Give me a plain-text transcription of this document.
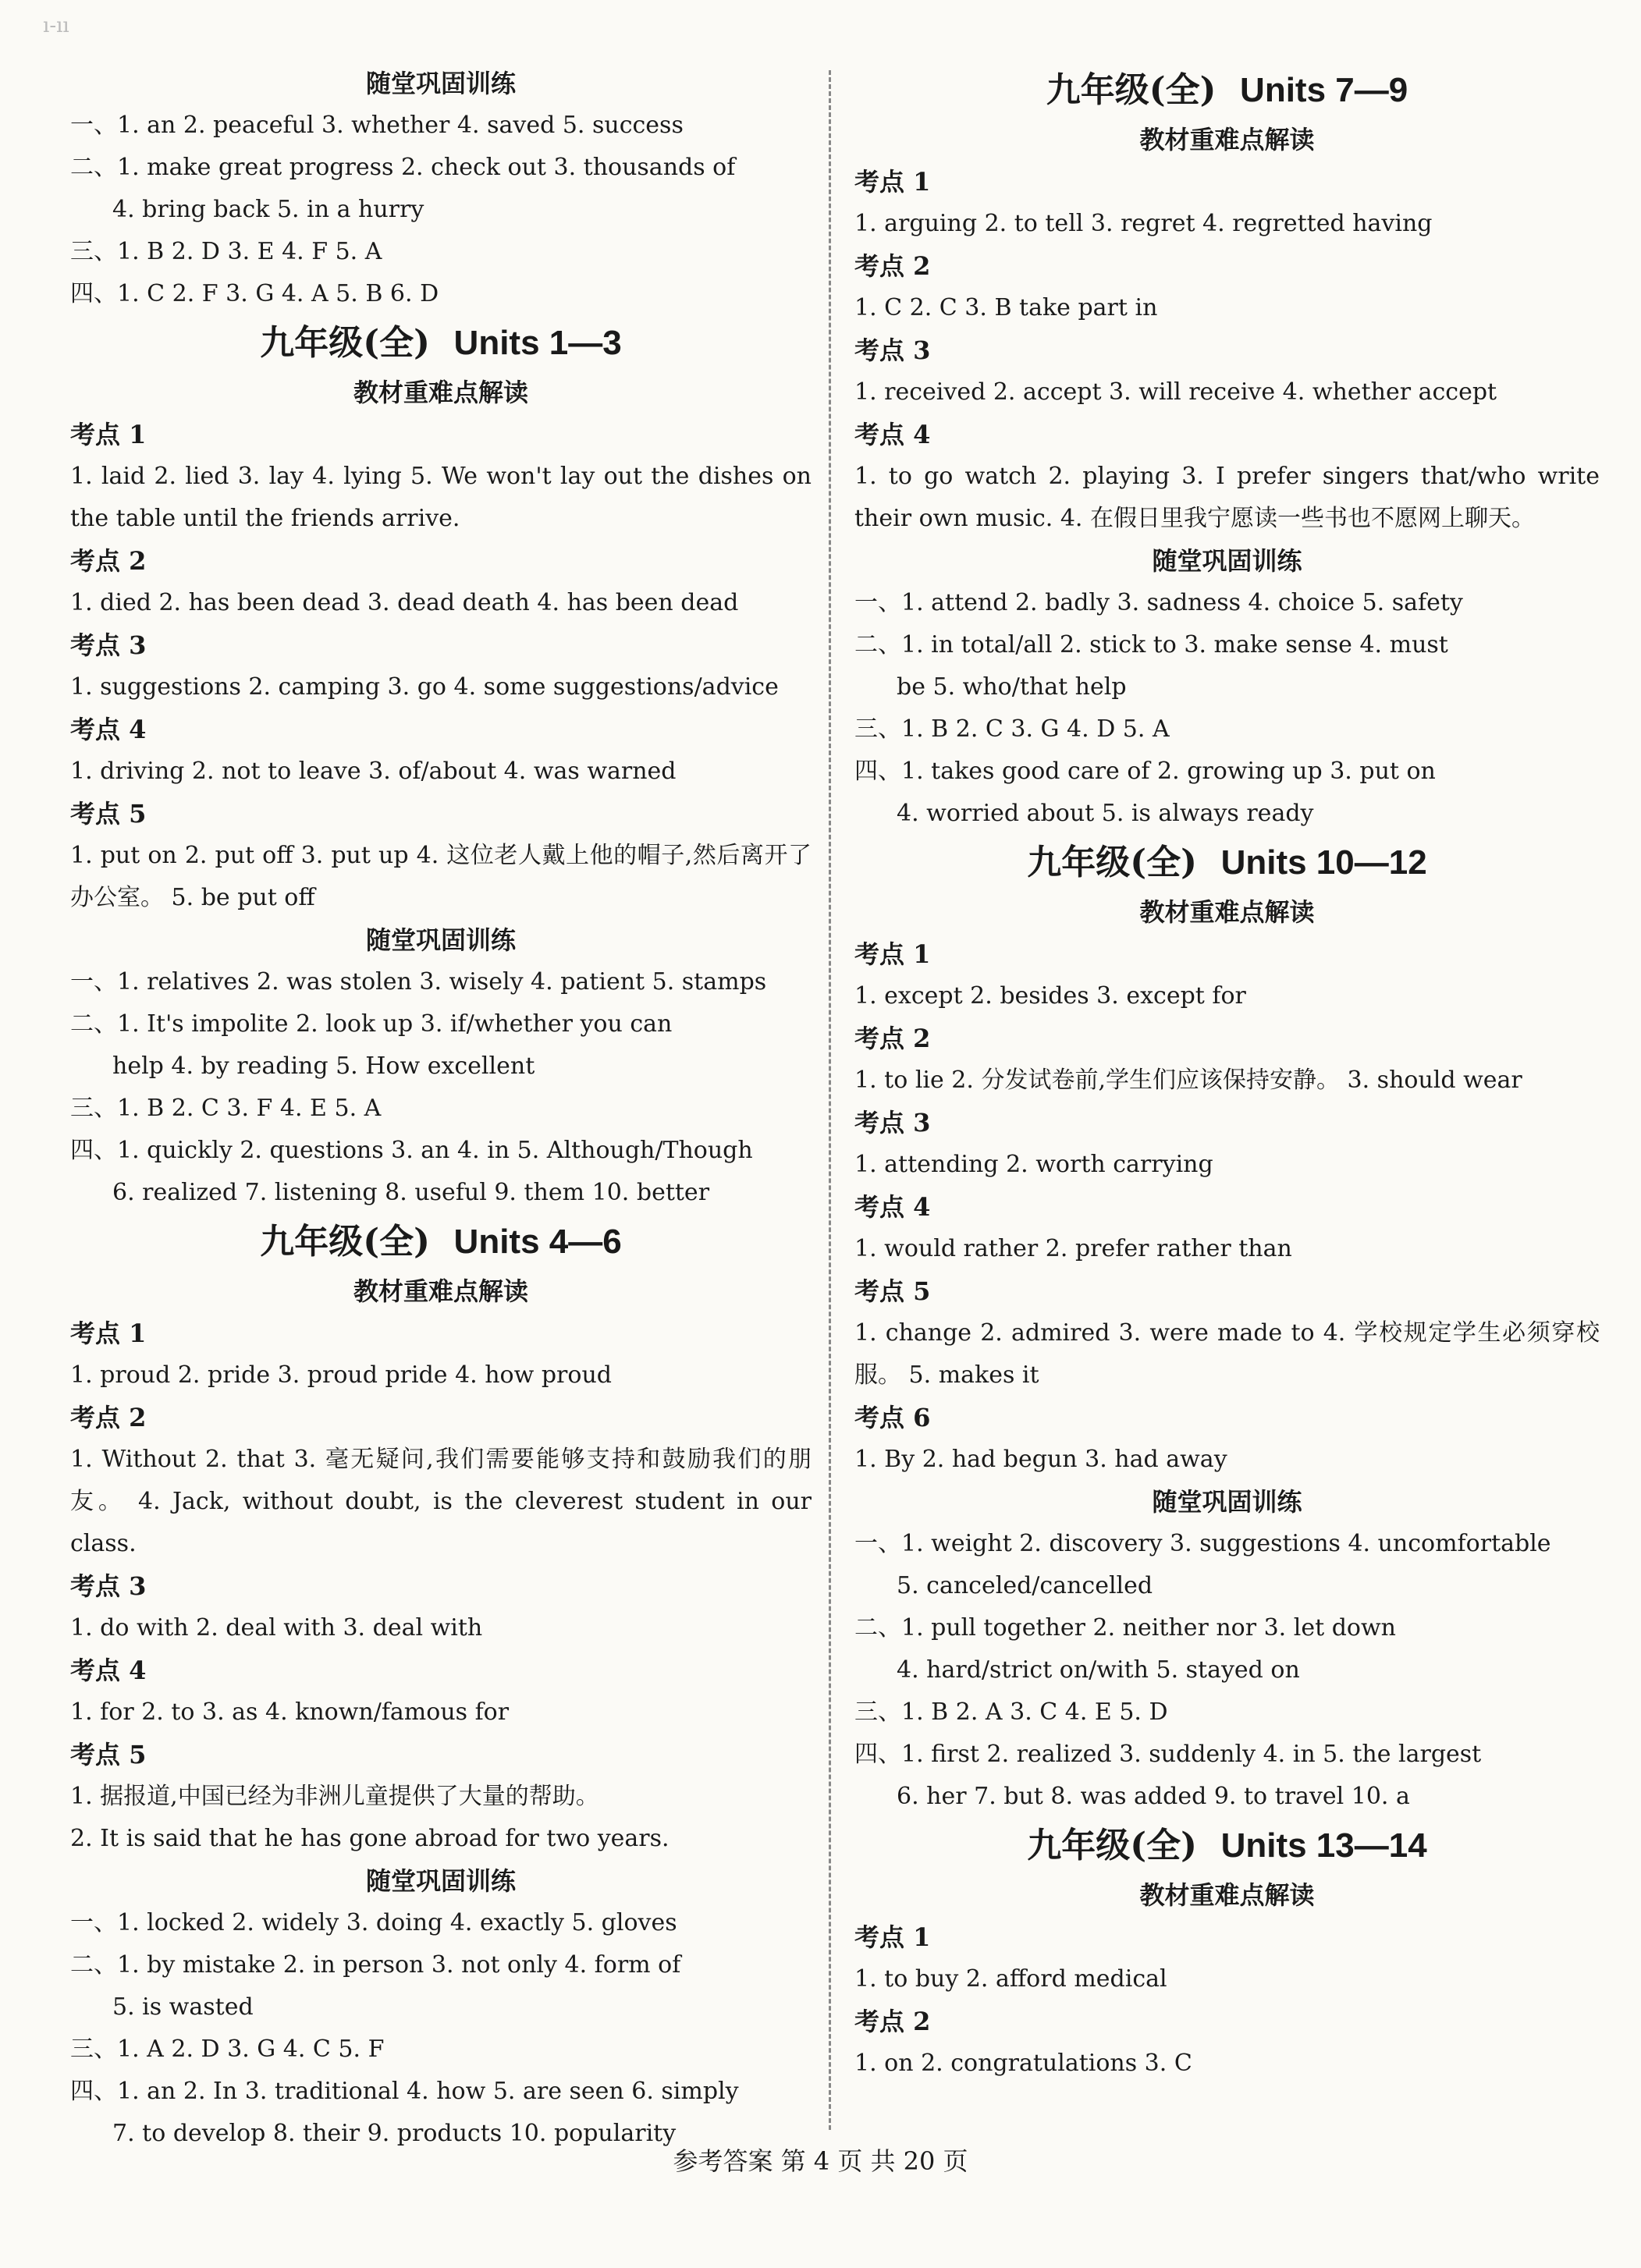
ı-ıı
随堂巩固训练
一、1. an 2. peaceful 3. whether 4. saved 5. success
二、1. make great progress 2. check out 3. thousands of
4. bring back 5. in a hurry
三、1. B 2. D 3. E 4. F 5. A
四、1. C 2. F 3. G 4. A 5. B 6. D
九年级(全) Units 1—3
教材重难点解读
考点 1
1. laid 2. lied 3. lay 4. lying 5. We won't lay out the dishes on the table until the friends arrive.
考点 2
1. died 2. has been dead 3. dead death 4. has been dead
考点 3
1. suggestions 2. camping 3. go 4. some suggestions/advice
考点 4
1. driving 2. not to leave 3. of/about 4. was warned
考点 5
1. put on 2. put off 3. put up 4. 这位老人戴上他的帽子,然后离开了办公室。 5. be put off
随堂巩固训练
一、1. relatives 2. was stolen 3. wisely 4. patient 5. stamps
二、1. It's impolite 2. look up 3. if/whether you can
help 4. by reading 5. How excellent
三、1. B 2. C 3. F 4. E 5. A
四、1. quickly 2. questions 3. an 4. in 5. Although/Though
6. realized 7. listening 8. useful 9. them 10. better
九年级(全) Units 4—6
教材重难点解读
考点 1
1. proud 2. pride 3. proud pride 4. how proud
考点 2
1. Without 2. that 3. 毫无疑问,我们需要能够支持和鼓励我们的朋友。 4. Jack, without doubt, is the cleverest student in our class.
考点 3
1. do with 2. deal with 3. deal with
考点 4
1. for 2. to 3. as 4. known/famous for
考点 5
1. 据报道,中国已经为非洲儿童提供了大量的帮助。
2. It is said that he has gone abroad for two years.
随堂巩固训练
一、1. locked 2. widely 3. doing 4. exactly 5. gloves
二、1. by mistake 2. in person 3. not only 4. form of
5. is wasted
三、1. A 2. D 3. G 4. C 5. F
四、1. an 2. In 3. traditional 4. how 5. are seen 6. simply
7. to develop 8. their 9. products 10. popularity
九年级(全) Units 7—9
教材重难点解读
考点 1
1. arguing 2. to tell 3. regret 4. regretted having
考点 2
1. C 2. C 3. B take part in
考点 3
1. received 2. accept 3. will receive 4. whether accept
考点 4
1. to go watch 2. playing 3. I prefer singers that/who write their own music. 4. 在假日里我宁愿读一些书也不愿网上聊天。
随堂巩固训练
一、1. attend 2. badly 3. sadness 4. choice 5. safety
二、1. in total/all 2. stick to 3. make sense 4. must
be 5. who/that help
三、1. B 2. C 3. G 4. D 5. A
四、1. takes good care of 2. growing up 3. put on
4. worried about 5. is always ready
九年级(全) Units 10—12
教材重难点解读
考点 1
1. except 2. besides 3. except for
考点 2
1. to lie 2. 分发试卷前,学生们应该保持安静。 3. should wear
考点 3
1. attending 2. worth carrying
考点 4
1. would rather 2. prefer rather than
考点 5
1. change 2. admired 3. were made to 4. 学校规定学生必须穿校服。 5. makes it
考点 6
1. By 2. had begun 3. had away
随堂巩固训练
一、1. weight 2. discovery 3. suggestions 4. uncomfortable
5. canceled/cancelled
二、1. pull together 2. neither nor 3. let down
4. hard/strict on/with 5. stayed on
三、1. B 2. A 3. C 4. E 5. D
四、1. first 2. realized 3. suddenly 4. in 5. the largest
6. her 7. but 8. was added 9. to travel 10. a
九年级(全) Units 13—14
教材重难点解读
考点 1
1. to buy 2. afford medical
考点 2
1. on 2. congratulations 3. C
参考答案 第 4 页 共 20 页
